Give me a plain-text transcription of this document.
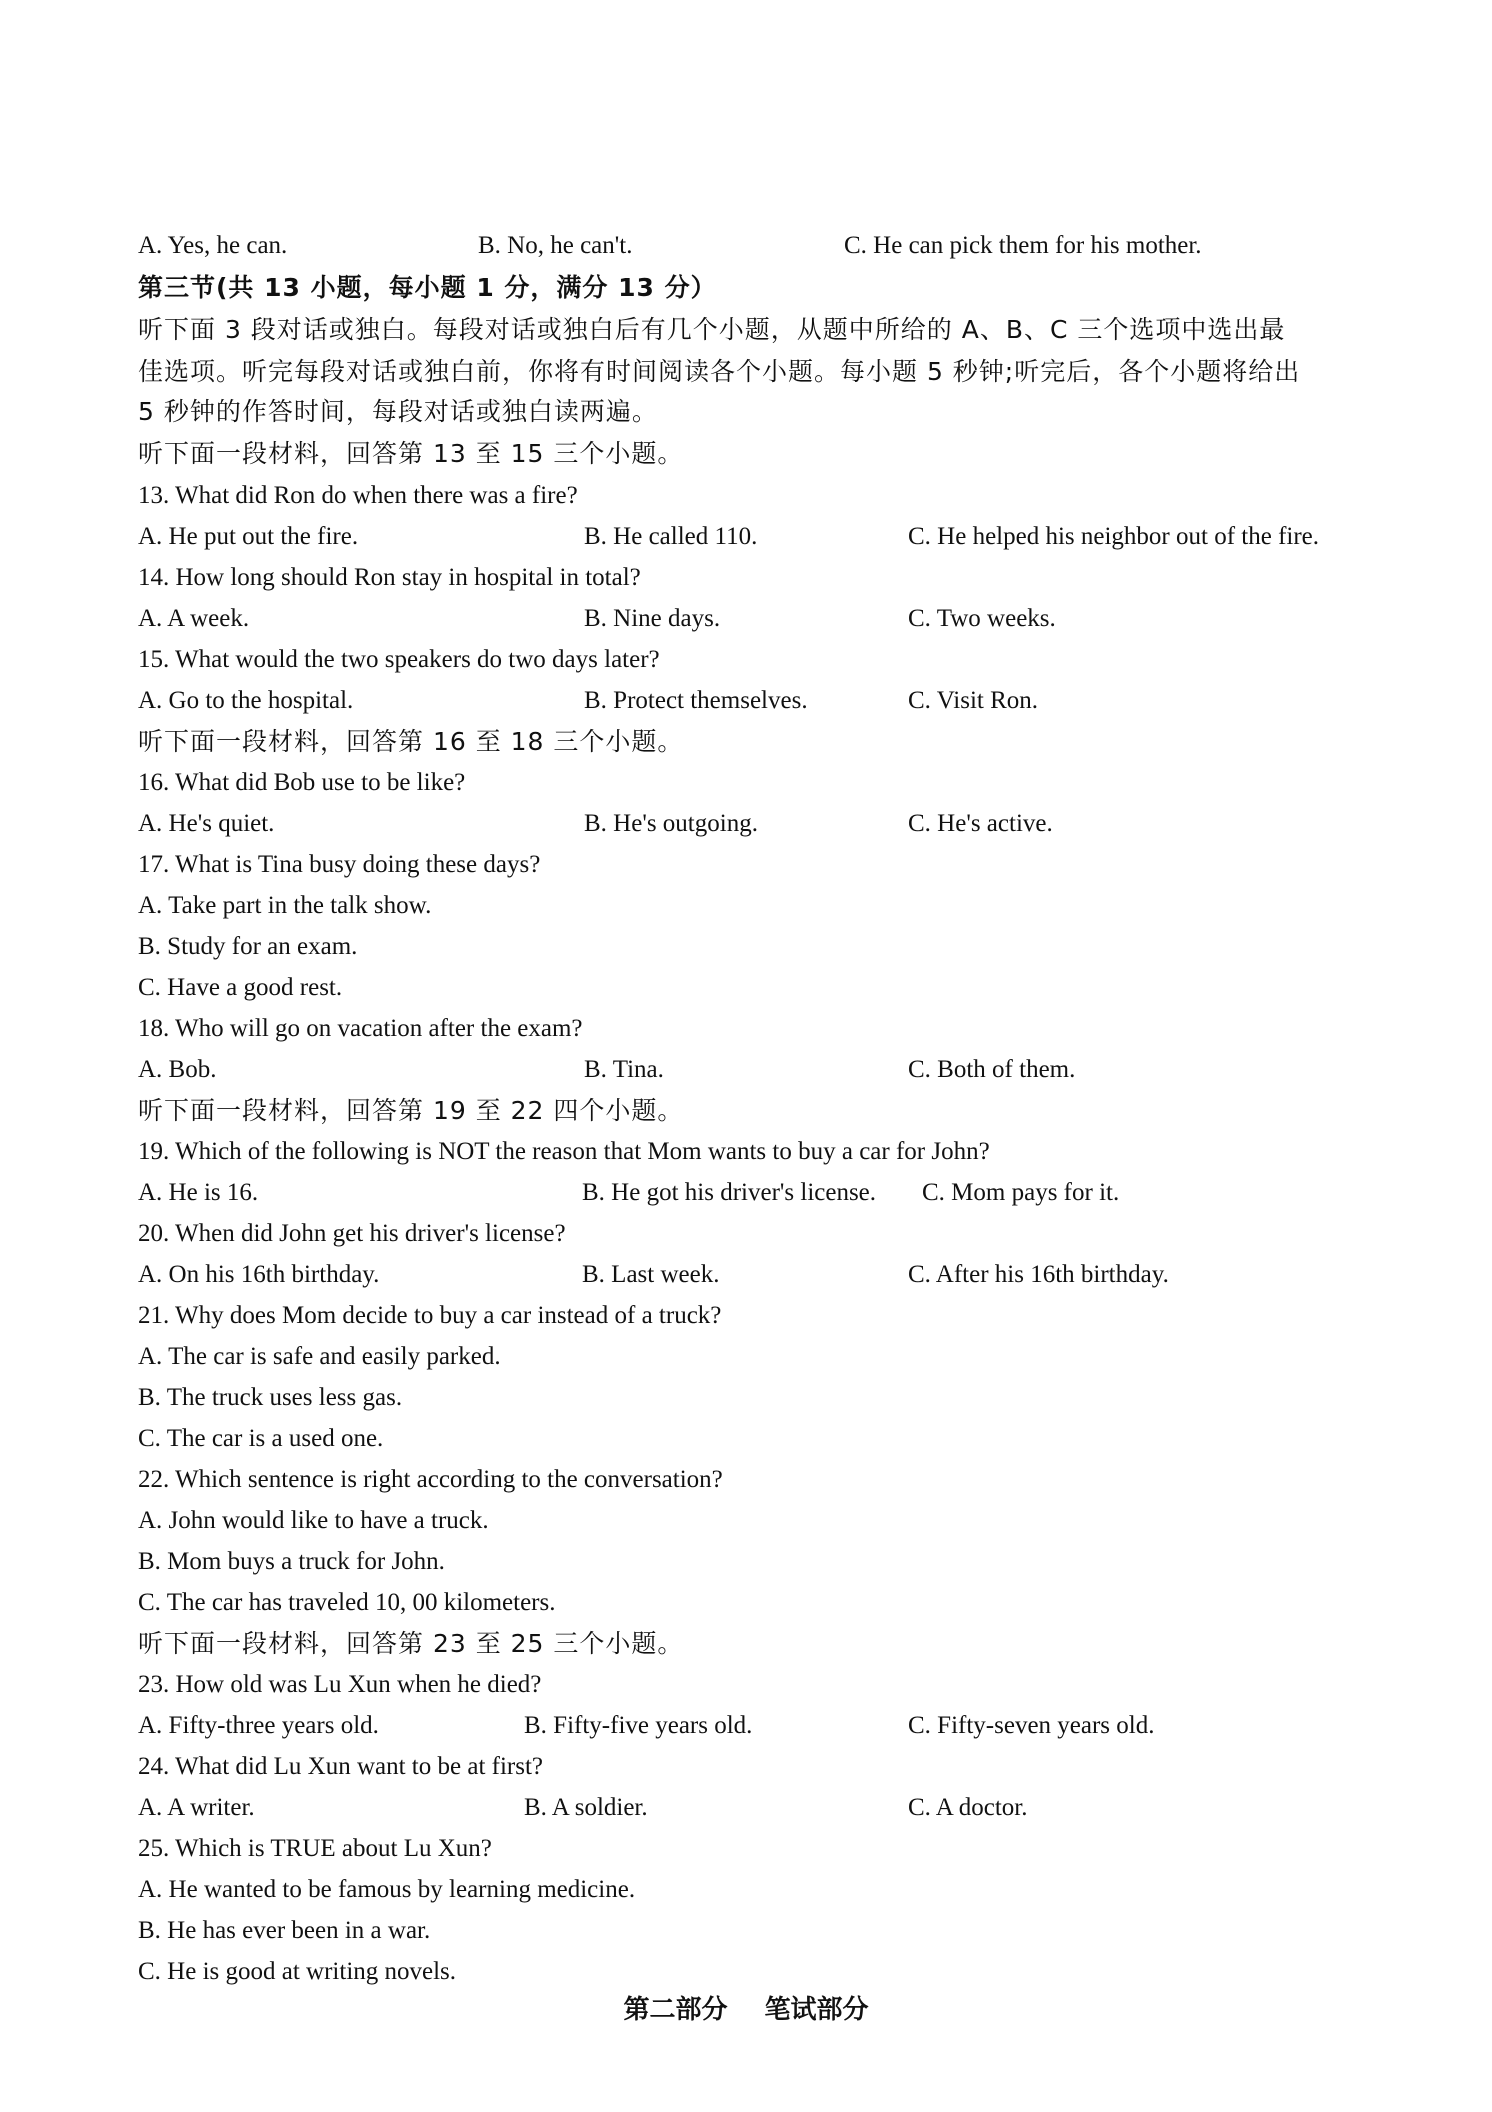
A. Yes, he can.	B. No, he can't.	C. He can pick them for his mother.
第三节(共 13 小题，每小题 1 分，满分 13 分）
听下面 3 段对话或独白。每段对话或独白后有几个小题，从题中所给的 A、B、C 三个选项中选出最
佳选项。听完每段对话或独白前，你将有时间阅读各个小题。每小题 5 秒钟;听完后，各个小题将给出
5 秒钟的作答时间，每段对话或独白读两遍。
听下面一段材料，回答第 13 至 15 三个小题。
13. What did Ron do when there was a fire?
A. He put out the fire.	B. He called 110.	C. He helped his neighbor out of the fire.
14. How long should Ron stay in hospital in total?
A. A week.	B. Nine days.	C. Two weeks.
15. What would the two speakers do two days later?
A. Go to the hospital.	B. Protect themselves.	C. Visit Ron.
听下面一段材料，回答第 16 至 18 三个小题。
16. What did Bob use to be like?
A. He's quiet.	B. He's outgoing.	C. He's active.
17. What is Tina busy doing these days?
A. Take part in the talk show.
B. Study for an exam.
C. Have a good rest.
18. Who will go on vacation after the exam?
A. Bob.	B. Tina.	C. Both of them.
听下面一段材料，回答第 19 至 22 四个小题。
19. Which of the following is NOT the reason that Mom wants to buy a car for John?
A. He is 16.	B. He got his driver's license. C. Mom pays for it.
20. When did John get his driver's license?
A. On his 16th birthday.	B. Last week.	C. After his 16th birthday.
21. Why does Mom decide to buy a car instead of a truck?
A. The car is safe and easily parked.
B. The truck uses less gas.
C. The car is a used one.
22. Which sentence is right according to the conversation?
A. John would like to have a truck.
B. Mom buys a truck for John.
C. The car has traveled 10, 00 kilometers.
听下面一段材料，回答第 23 至 25 三个小题。
23. How old was Lu Xun when he died?
A. Fifty-three years old.	B. Fifty-five years old.	C. Fifty-seven years old.
24. What did Lu Xun want to be at first?
A. A writer.	B. A soldier.	C. A doctor.
25. Which is TRUE about Lu Xun?
A. He wanted to be famous by learning medicine.
B. He has ever been in a war.
C. He is good at writing novels.
第二部分 笔试部分
